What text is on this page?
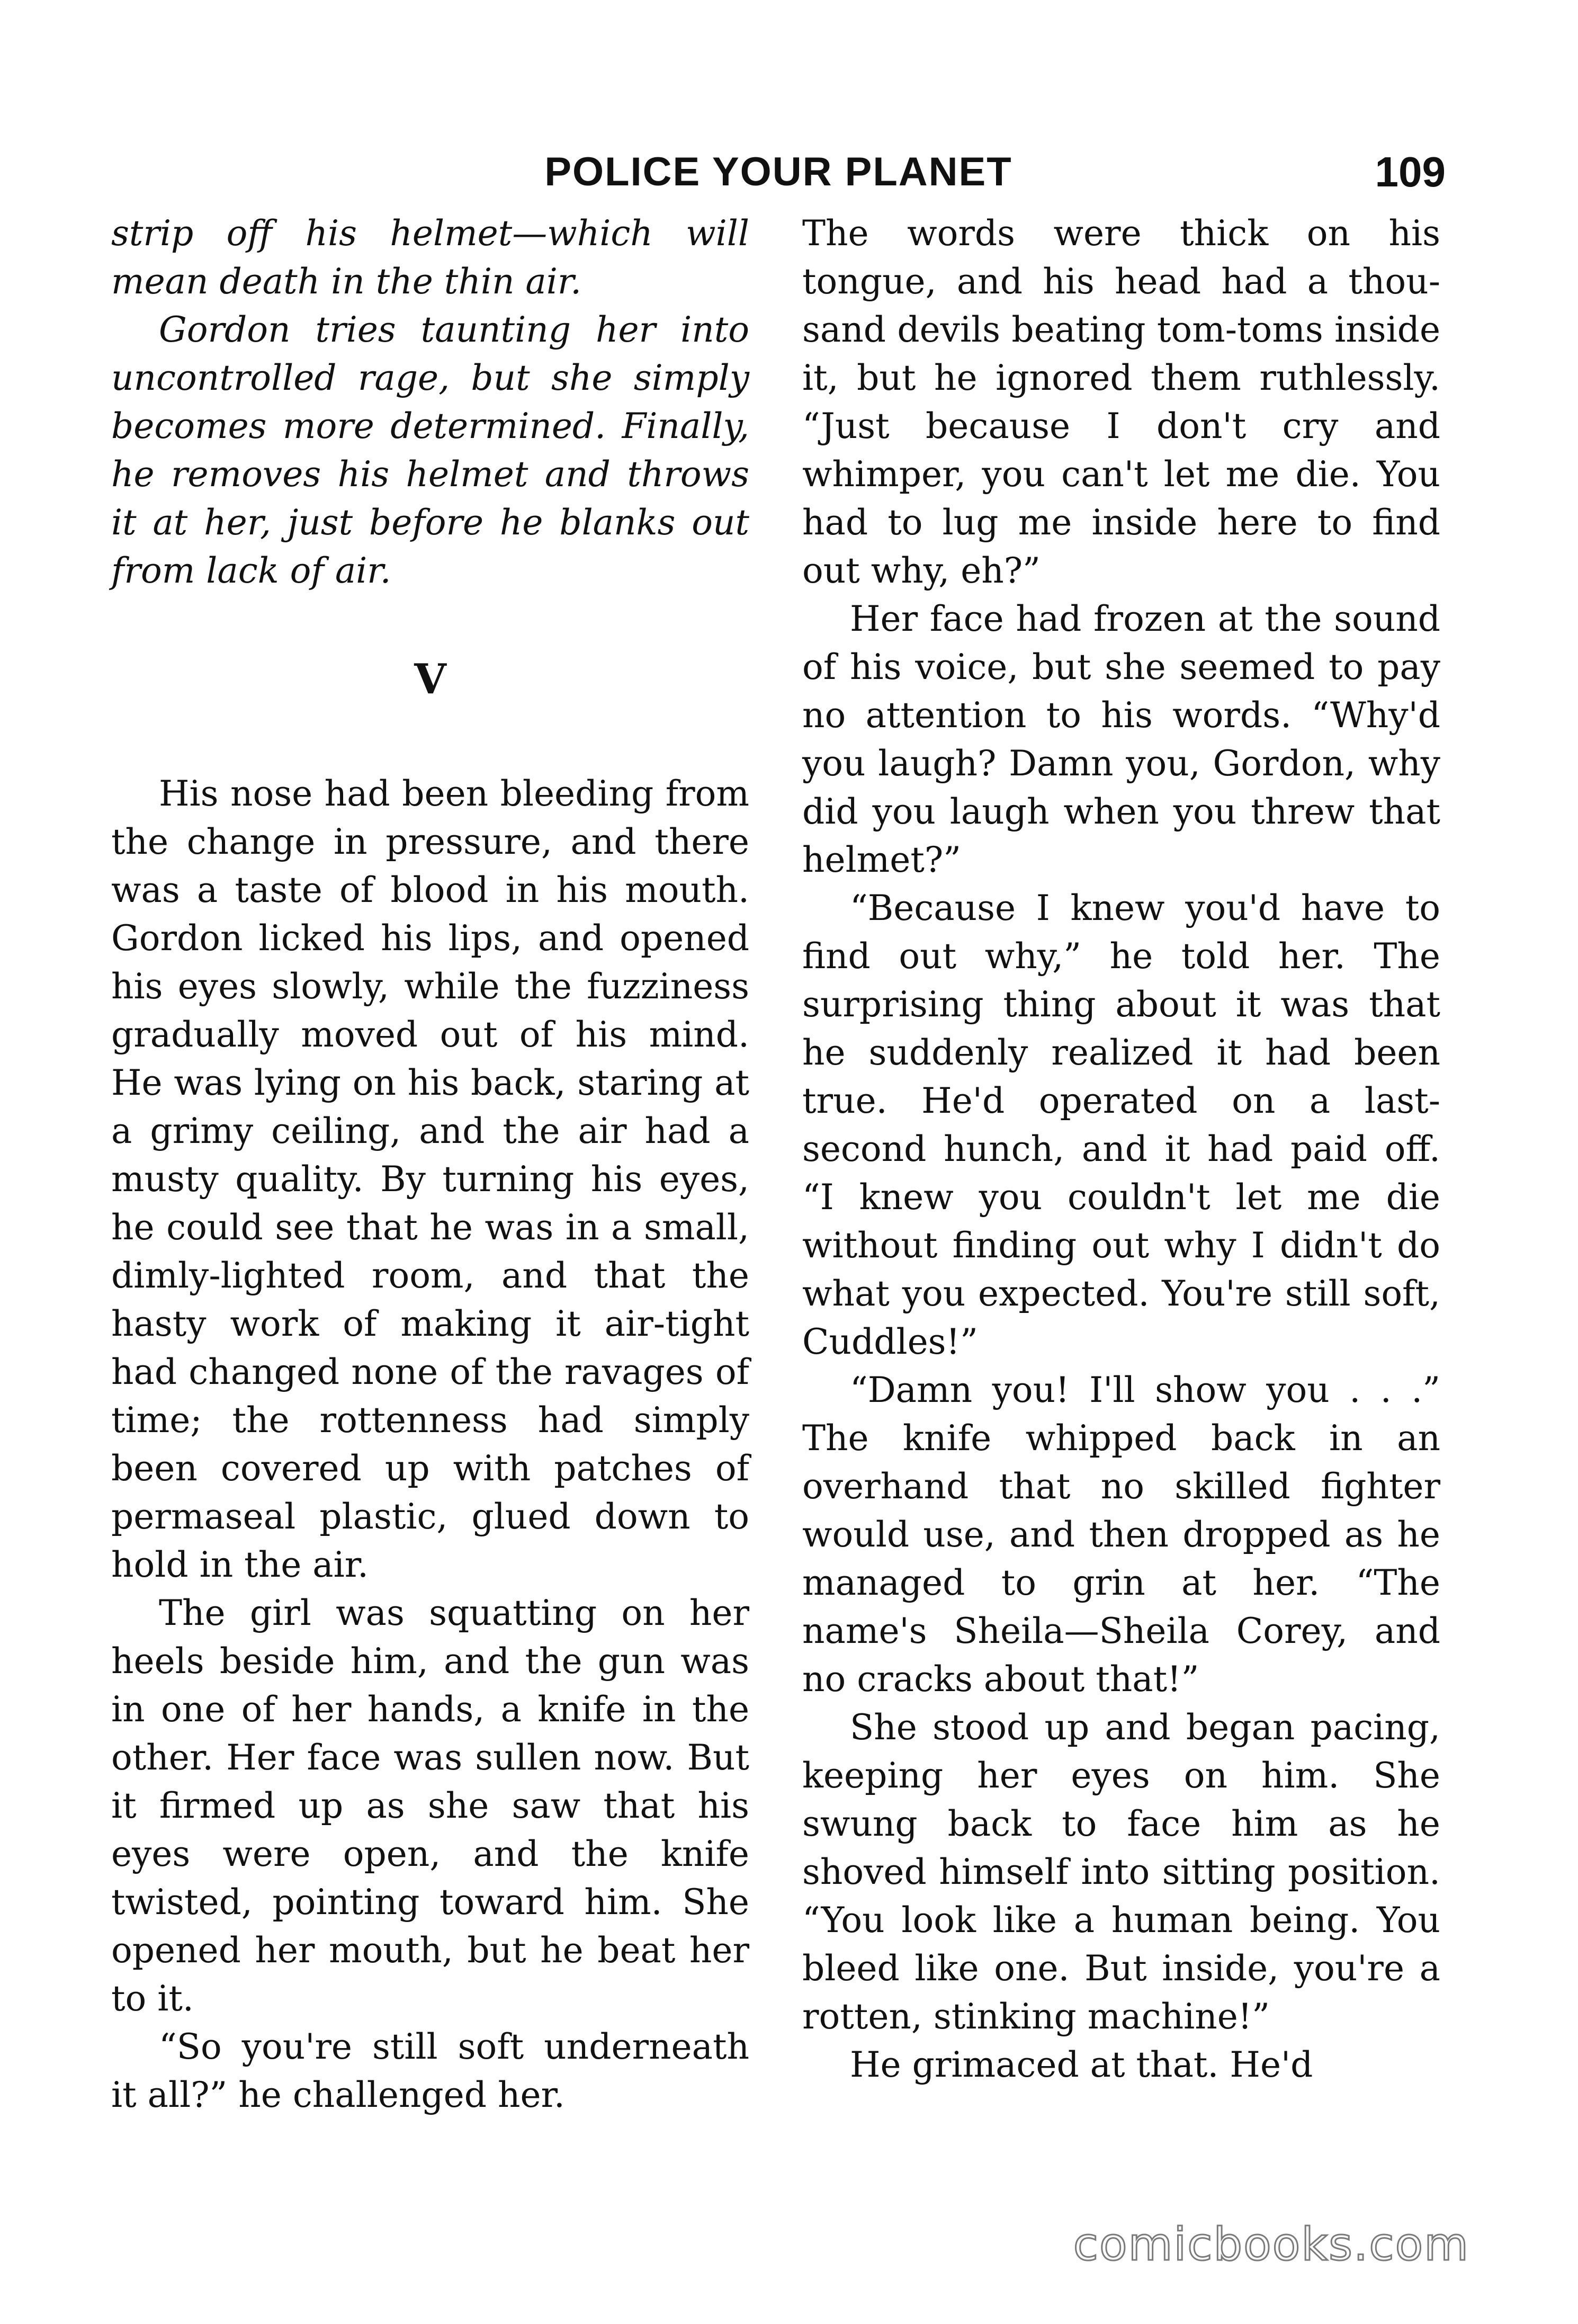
POLICE YOUR PLANET	109

strip off his helmet—which will mean death in the thin air.

Gordon tries taunting her into uncontrolled rage, but she simply becomes more determined. Finally, he removes his helmet and throws it at her, just before he blanks out from lack of air.

V

His nose had been bleeding from the change in pressure, and there was a taste of blood in his mouth. Gordon licked his lips, and opened his eyes slowly, while the fuzziness gradually moved out of his mind. He was lying on his back, staring at a grimy ceiling, and the air had a musty quality. By turning his eyes, he could see that he was in a small, dimly-lighted room, and that the hasty work of making it air-tight had changed none of the ravages of time; the rottenness had simply been covered up with patches of permaseal plastic, glued down to hold in the air.

The girl was squatting on her heels beside him, and the gun was in one of her hands, a knife in the other. Her face was sullen now. But it firmed up as she saw that his eyes were open, and the knife twisted, pointing toward him. She opened her mouth, but he beat her to it.

“So you're still soft underneath it all?” he challenged her.

The words were thick on his tongue, and his head had a thousand devils beating tom-toms inside it, but he ignored them ruthlessly. “Just because I don't cry and whimper, you can't let me die. You had to lug me inside here to find out why, eh?”

Her face had frozen at the sound of his voice, but she seemed to pay no attention to his words. “Why'd you laugh? Damn you, Gordon, why did you laugh when you threw that helmet?”

“Because I knew you'd have to find out why,” he told her. The surprising thing about it was that he suddenly realized it had been true. He'd operated on a last-second hunch, and it had paid off. “I knew you couldn't let me die without finding out why I didn't do what you expected. You're still soft, Cuddles!”

“Damn you! I'll show you . . .” The knife whipped back in an overhand that no skilled fighter would use, and then dropped as he managed to grin at her. “The name's Sheila—Sheila Corey, and no cracks about that!”

She stood up and began pacing, keeping her eyes on him. She swung back to face him as he shoved himself into sitting position. “You look like a human being. You bleed like one. But inside, you're a rotten, stinking machine!”

He grimaced at that. He'd

comicbooks.com
